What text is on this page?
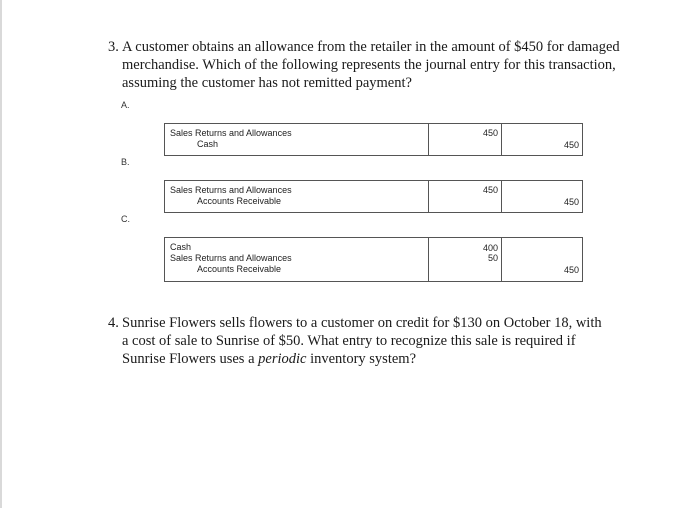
3. A customer obtains an allowance from the retailer in the amount of $450 for damaged
merchandise. Which of the following represents the journal entry for this transaction,
assuming the customer has not remitted payment?
A.
Sales Returns and Allowances
Cash
450
450
B.
Sales Returns and Allowances
Accounts Receivable
450
450
C.
Cash
Sales Returns and Allowances
Accounts Receivable
400
50
450
4. Sunrise Flowers sells flowers to a customer on credit for $130 on October 18, with
a cost of sale to Sunrise of $50. What entry to recognize this sale is required if
Sunrise Flowers uses a periodic inventory system?
